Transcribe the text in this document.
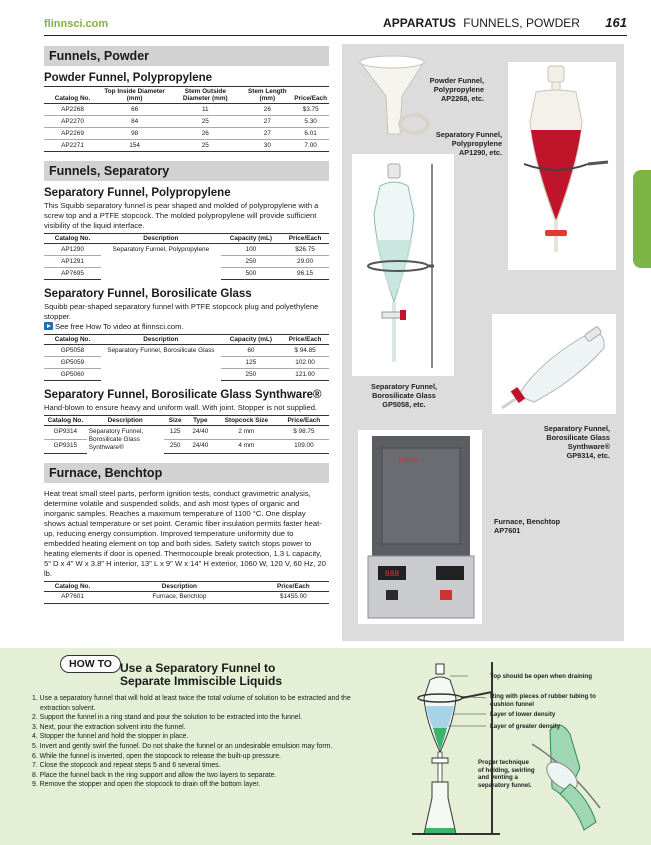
flinnsci.com	APPARATUS FUNNELS, POWDER 161
Funnels, Powder
Powder Funnel, Polypropylene
Catalog No.	Top Inside Diameter (mm)	Stem Outside Diameter (mm)	Stem Length (mm)	Price/Each
AP2268	66	11	26	$3.75
AP2270	84	25	27	5.30
AP2269	98	26	27	6.01
AP2271	154	25	30	7.00
Funnels, Separatory
Separatory Funnel, Polypropylene
This Squibb separatory funnel is pear shaped and molded of polypropylene with a screw top and a PTFE stopcock. The molded polypropylene will provide sufficient visibility of the liquid interface.
Catalog No.	Description	Capacity (mL)	Price/Each
AP1290	Separatory Funnel, Polypropylene	100	$26.75
AP1291		250	29.00
AP7695		500	96.15
Separatory Funnel, Borosilicate Glass
Squibb pear-shaped separatory funnel with PTFE stopcock plug and polyethylene stopper.
See free How To video at flinnsci.com.
Catalog No.	Description	Capacity (mL)	Price/Each
GP5058	Separatory Funnel, Borosilicate Glass	60	$ 94.85
GP5059		125	102.00
GP5060		250	121.00
Separatory Funnel, Borosilicate Glass Synthware®
Hand-blown to ensure heavy and uniform wall. With joint. Stopper is not supplied.
Catalog No.	Description	Size	Type	Stopcock Size	Price/Each
GP9314	Separatory Funnel, Borosilicate Glass Synthware®	125	24/40	2 mm	$ 98.75
GP9315		250	24/40	4 mm	109.00
Furnace, Benchtop
Heat treat small steel parts, perform ignition tests, conduct gravimetric analysis, determine volatile and suspended solids, and ash most types of organic and inorganic samples. Reaches a maximum temperature of 1100 °C. One display shows actual temperature or set point. Ceramic fiber insulation permits faster heat-up, reducing energy consumption. Improved temperature uniformity due to embedded heating element on top and both sides. Safety switch stops power to heating elements if door is opened. Thermocouple break protection, 1.3 L capacity, 5" D x 4" W x 3.8" H interior, 13" L x 9" W x 14" H exterior, 1060 W, 120 V, 60 Hz, 20 lb.
Catalog No.	Description	Price/Each
AP7601	Furnace, Benchtop	$1455.00
888
Thermo
Powder Funnel,
Polypropylene
AP2268, etc.
Separatory Funnel,
Polypropylene
AP1290, etc.
Separatory Funnel,
Borosilicate Glass
GP5058, etc.
Separatory Funnel,
Borosilicate Glass
Synthware®
GP9314, etc.
Furnace, Benchtop
AP7601
HOW TO Use a Separatory Funnel to
Separate Immiscible Liquids
1. Use a separatory funnel that will hold at least twice the total volume of solution to be extracted and the extraction solvent.
2. Support the funnel in a ring stand and pour the solution to be extracted into the funnel.
3. Next, pour the extraction solvent into the funnel.
4. Stopper the funnel and hold the stopper in place.
5. Invert and gently swirl the funnel. Do not shake the funnel or an undesirable emulsion may form.
6. While the funnel is inverted, open the stopcock to release the built-up pressure.
7. Close the stopcock and repeat steps 5 and 6 several times.
8. Place the funnel back in the ring support and allow the two layers to separate.
9. Remove the stopper and open the stopcock to drain off the bottom layer.
Top should be open when draining
Ring with pieces of rubber tubing to
cushion funnel
Layer of lower density
Layer of greater density
Proper technique
of holding, swirling
and venting a
separatory funnel.
